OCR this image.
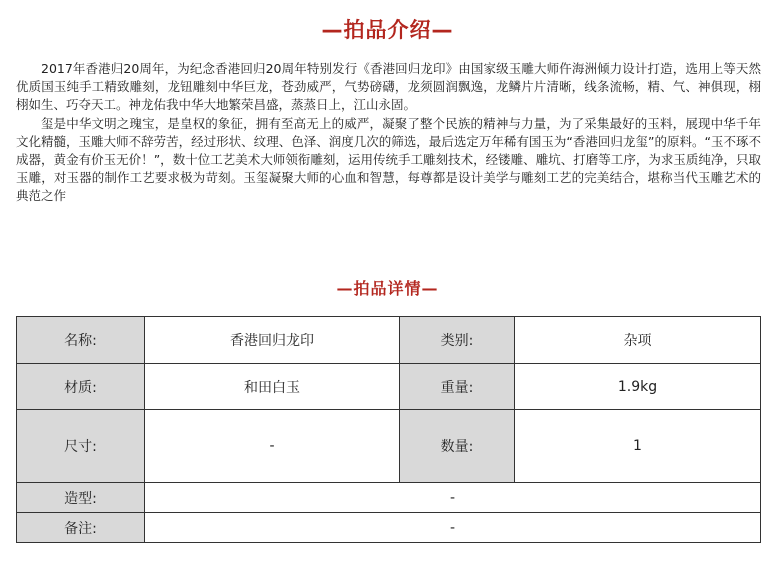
—拍品介绍—

2017年香港归20周年，为纪念香港回归20周年特别发行《香港回归龙印》由国家级玉雕大师仵海洲倾力设计打造，选用上等天然优质国玉纯手工精致雕刻，龙钮雕刻中华巨龙，苍劲威严，气势磅礴，龙须圆润飘逸，龙鳞片片清晰，线条流畅，精、气、神俱现，栩栩如生、巧夺天工。神龙佑我中华大地繁荣昌盛，蒸蒸日上，江山永固。

玺是中华文明之瑰宝，是皇权的象征，拥有至高无上的威严，凝聚了整个民族的精神与力量，为了采集最好的玉料，展现中华千年文化精髓，玉雕大师不辞劳苦，经过形状、纹理、色泽、润度几次的筛选，最后选定万年稀有国玉为“香港回归龙玺”的原料。“玉不琢不成器，黄金有价玉无价！”，数十位工艺美术大师领衔雕刻，运用传统手工雕刻技术，经镂雕、雕坑、打磨等工序，为求玉质纯净，只取玉雕，对玉器的制作工艺要求极为苛刻。玉玺凝聚大师的心血和智慧，每尊都是设计美学与雕刻工艺的完美结合，堪称当代玉雕艺术的典范之作

—拍品详情—
名称:	香港回归龙印	类别:	杂项
材质:	和田白玉	重量:	1.9kg
尺寸:	-	数量:	1
造型:	-		
备注:	-		
